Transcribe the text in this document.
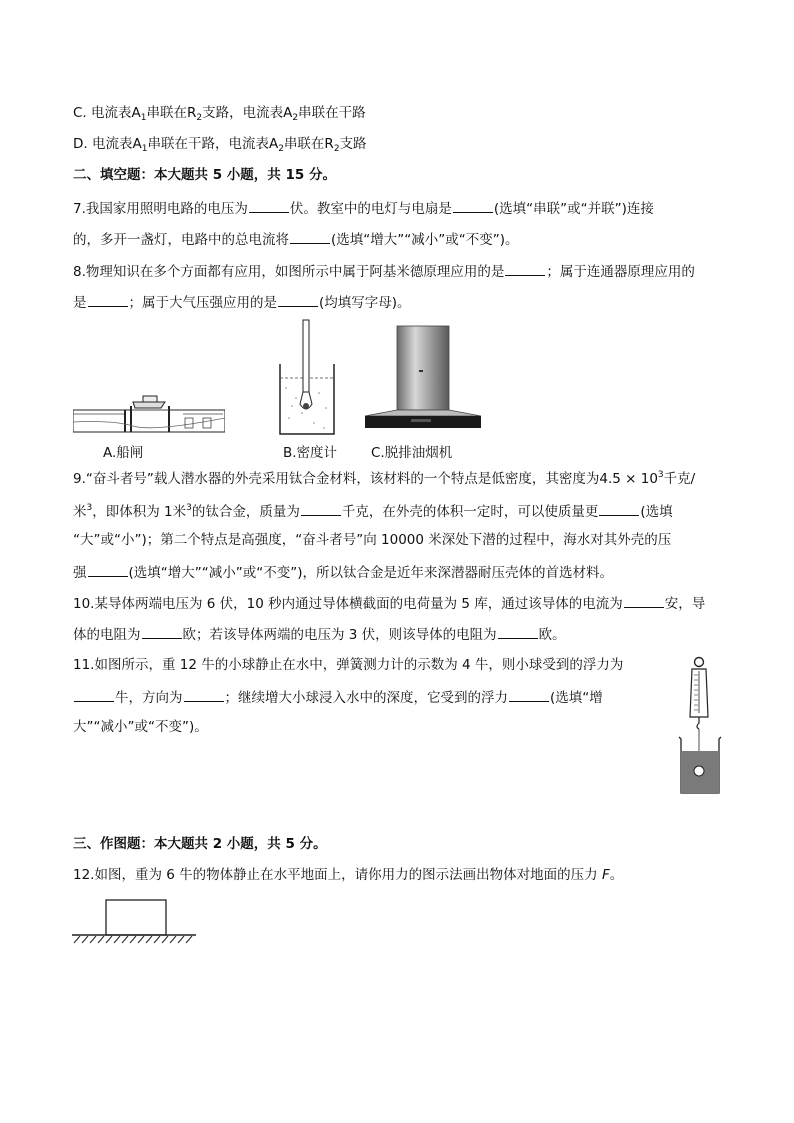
C. 电流表$A_1$串联在$R_2$支路，电流表$A_2$串联在干路
D. 电流表$A_1$串联在干路，电流表$A_2$串联在$R_2$支路
二、填空题：本大题共 5 小题，共 15 分。
7.我国家用照明电路的电压为	伏。教室中的电灯与电扇是	(选填“串联”或“并联”)连接
的，多开一盏灯，电路中的总电流将	(选填“增大”“减小”或“不变”)。
8.物理知识在多个方面都有应用，如图所示中属于阿基米德原理应用的是	；属于连通器原理应用的
是	；属于大气压强应用的是	(均填写字母)。
A.船闸	B.密度计	C.脱排油烟机
9.“奋斗者号”载人潜水器的外壳采用钛合金材料，该材料的一个特点是低密度，其密度为$4.5 \times 10^3$千克/
米$^3$，即体积为 1米$^3$的钛合金，质量为	千克，在外壳的体积一定时，可以使质量更	(选填
“大”或“小”)；第二个特点是高强度，“奋斗者号”向 10000 米深处下潜的过程中，海水对其外壳的压
强	(选填“增大”“减小”或“不变”)，所以钛合金是近年来深潜器耐压壳体的首选材料。
10.某导体两端电压为 6 伏，10 秒内通过导体横截面的电荷量为 5 库，通过该导体的电流为	安，导
体的电阻为	欧；若该导体两端的电压为 3 伏，则该导体的电阻为	欧。
11.如图所示，重 12 牛的小球静止在水中，弹簧测力计的示数为 4 牛，则小球受到的浮力为
牛，方向为	；继续增大小球浸入水中的深度，它受到的浮力	(选填“增
大”“减小”或“不变”)。
三、作图题：本大题共 2 小题，共 5 分。
12.如图，重为 6 牛的物体静止在水平地面上，请你用力的图示法画出物体对地面的压力 F。
